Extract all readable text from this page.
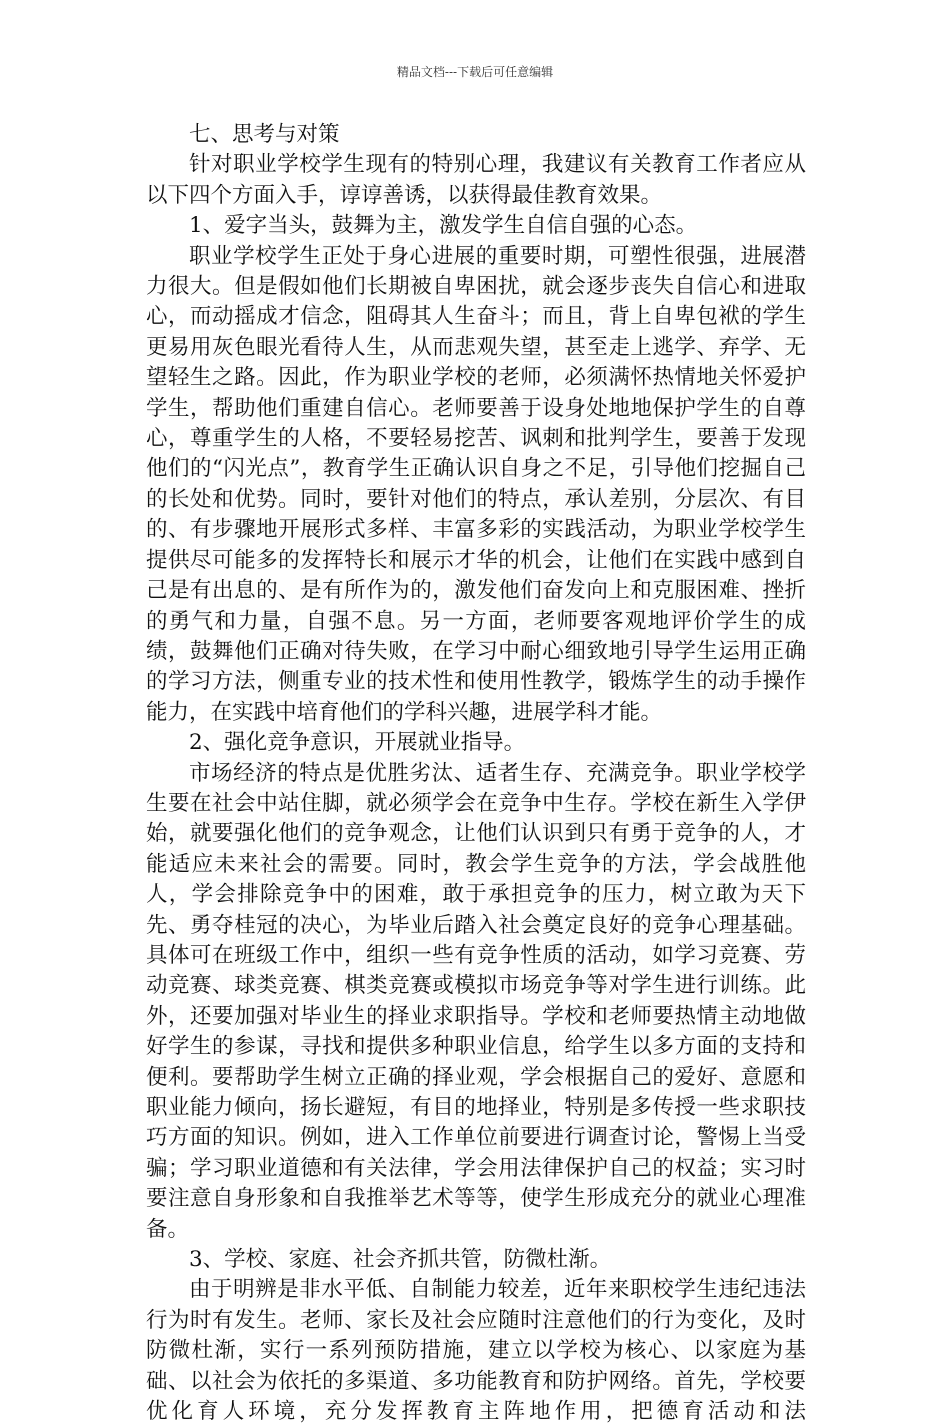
精品文档---下载后可任意编辑

七、思考与对策

针对职业学校学生现有的特别心理，我建议有关教育工作者应从以下四个方面入手，谆谆善诱，以获得最佳教育效果。

1、爱字当头，鼓舞为主，激发学生自信自强的心态。

职业学校学生正处于身心进展的重要时期，可塑性很强，进展潜力很大。但是假如他们长期被自卑困扰，就会逐步丧失自信心和进取心，而动摇成才信念，阻碍其人生奋斗；而且，背上自卑包袱的学生更易用灰色眼光看待人生，从而悲观失望，甚至走上逃学、弃学、无望轻生之路。因此，作为职业学校的老师，必须满怀热情地关怀爱护学生，帮助他们重建自信心。老师要善于设身处地地保护学生的自尊心，尊重学生的人格，不要轻易挖苦、讽刺和批判学生，要善于发现他们的“闪光点”，教育学生正确认识自身之不足，引导他们挖掘自己的长处和优势。同时，要针对他们的特点，承认差别，分层次、有目的、有步骤地开展形式多样、丰富多彩的实践活动，为职业学校学生提供尽可能多的发挥特长和展示才华的机会，让他们在实践中感到自己是有出息的、是有所作为的，激发他们奋发向上和克服困难、挫折的勇气和力量，自强不息。另一方面，老师要客观地评价学生的成绩，鼓舞他们正确对待失败，在学习中耐心细致地引导学生运用正确的学习方法，侧重专业的技术性和使用性教学，锻炼学生的动手操作能力，在实践中培育他们的学科兴趣，进展学科才能。

2、强化竞争意识，开展就业指导。

市场经济的特点是优胜劣汰、适者生存、充满竞争。职业学校学生要在社会中站住脚，就必须学会在竞争中生存。学校在新生入学伊始，就要强化他们的竞争观念，让他们认识到只有勇于竞争的人，才能适应未来社会的需要。同时，教会学生竞争的方法，学会战胜他人，学会排除竞争中的困难，敢于承担竞争的压力，树立敢为天下先、勇夺桂冠的决心，为毕业后踏入社会奠定良好的竞争心理基础。具体可在班级工作中，组织一些有竞争性质的活动，如学习竞赛、劳动竞赛、球类竞赛、棋类竞赛或模拟市场竞争等对学生进行训练。此外，还要加强对毕业生的择业求职指导。学校和老师要热情主动地做好学生的参谋，寻找和提供多种职业信息，给学生以多方面的支持和便利。要帮助学生树立正确的择业观，学会根据自己的爱好、意愿和职业能力倾向，扬长避短，有目的地择业，特别是多传授一些求职技巧方面的知识。例如，进入工作单位前要进行调查讨论，警惕上当受骗；学习职业道德和有关法律，学会用法律保护自己的权益；实习时要注意自身形象和自我推举艺术等等，使学生形成充分的就业心理准备。

3、学校、家庭、社会齐抓共管，防微杜渐。

由于明辨是非水平低、自制能力较差，近年来职校学生违纪违法行为时有发生。老师、家长及社会应随时注意他们的行为变化，及时防微杜渐，实行一系列预防措施，建立以学校为核心、以家庭为基础、以社会为依托的多渠道、多功能教育和防护网络。首先，学校要优化育人环境，充分发挥教育主阵地作用，把德育活动和法
